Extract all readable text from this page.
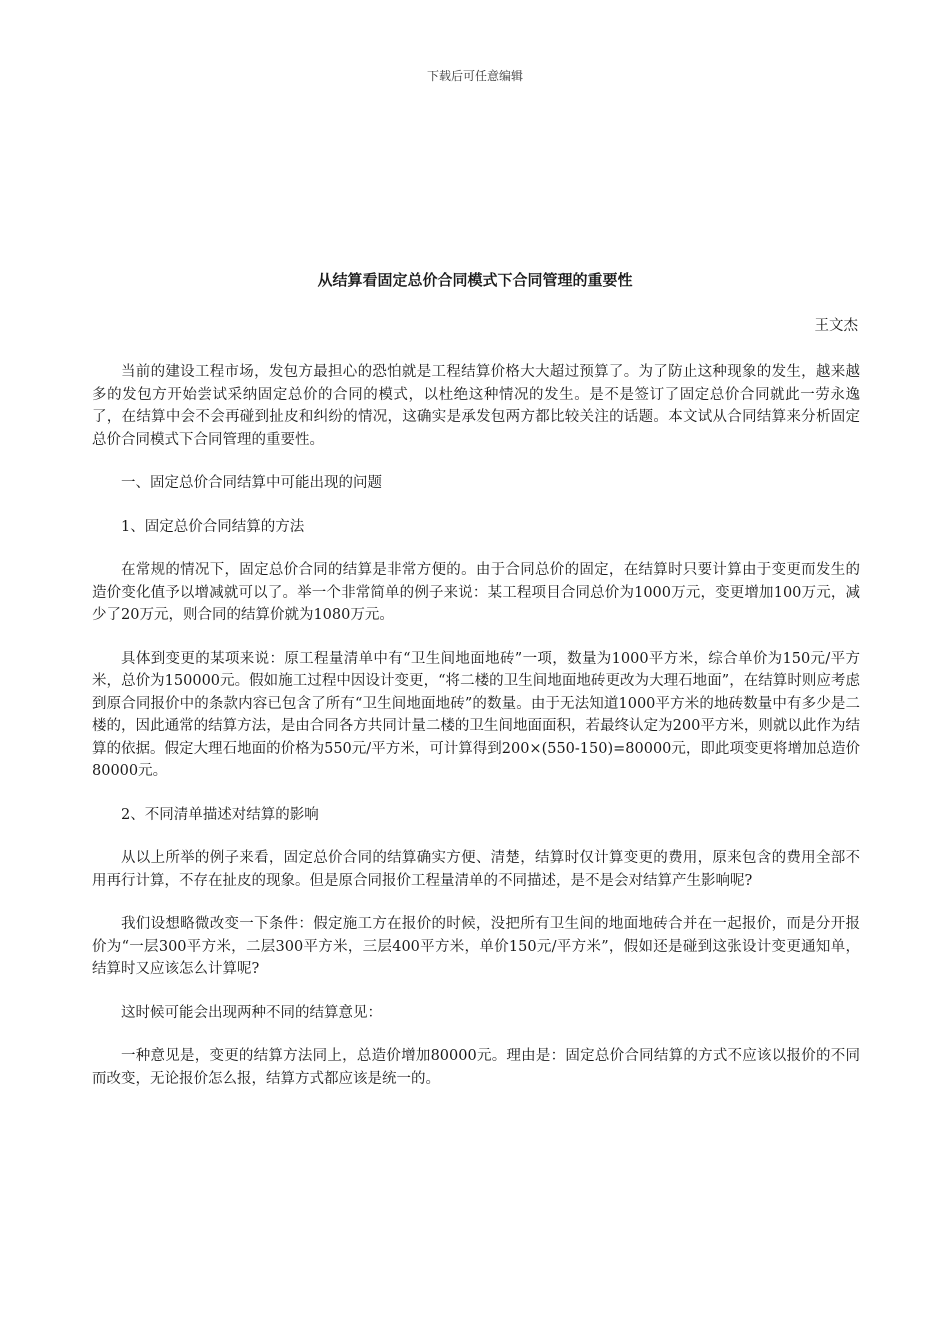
下载后可任意编辑
从结算看固定总价合同模式下合同管理的重要性
王文杰

当前的建设工程市场，发包方最担心的恐怕就是工程结算价格大大超过预算了。为了防止这种现象的发生，越来越多的发包方开始尝试采纳固定总价的合同的模式，以杜绝这种情况的发生。是不是签订了固定总价合同就此一劳永逸了，在结算中会不会再碰到扯皮和纠纷的情况，这确实是承发包两方都比较关注的话题。本文试从合同结算来分析固定总价合同模式下合同管理的重要性。

一、固定总价合同结算中可能出现的问题

1、固定总价合同结算的方法

在常规的情况下，固定总价合同的结算是非常方便的。由于合同总价的固定，在结算时只要计算由于变更而发生的造价变化值予以增减就可以了。举一个非常简单的例子来说：某工程项目合同总价为1000万元，变更增加100万元，减少了20万元，则合同的结算价就为1080万元。

具体到变更的某项来说：原工程量清单中有“卫生间地面地砖”一项，数量为1000平方米，综合单价为150元/平方米，总价为150000元。假如施工过程中因设计变更，“将二楼的卫生间地面地砖更改为大理石地面”，在结算时则应考虑到原合同报价中的条款内容已包含了所有“卫生间地面地砖”的数量。由于无法知道1000平方米的地砖数量中有多少是二楼的，因此通常的结算方法，是由合同各方共同计量二楼的卫生间地面面积，若最终认定为200平方米，则就以此作为结算的依据。假定大理石地面的价格为550元/平方米，可计算得到200×(550-150)=80000元，即此项变更将增加总造价80000元。

2、不同清单描述对结算的影响

从以上所举的例子来看，固定总价合同的结算确实方便、清楚，结算时仅计算变更的费用，原来包含的费用全部不用再行计算，不存在扯皮的现象。但是原合同报价工程量清单的不同描述，是不是会对结算产生影响呢?

我们设想略微改变一下条件：假定施工方在报价的时候，没把所有卫生间的地面地砖合并在一起报价，而是分开报价为“一层300平方米，二层300平方米，三层400平方米，单价150元/平方米”，假如还是碰到这张设计变更通知单，结算时又应该怎么计算呢?

这时候可能会出现两种不同的结算意见：

一种意见是，变更的结算方法同上，总造价增加80000元。理由是：固定总价合同结算的方式不应该以报价的不同而改变，无论报价怎么报，结算方式都应该是统一的。
